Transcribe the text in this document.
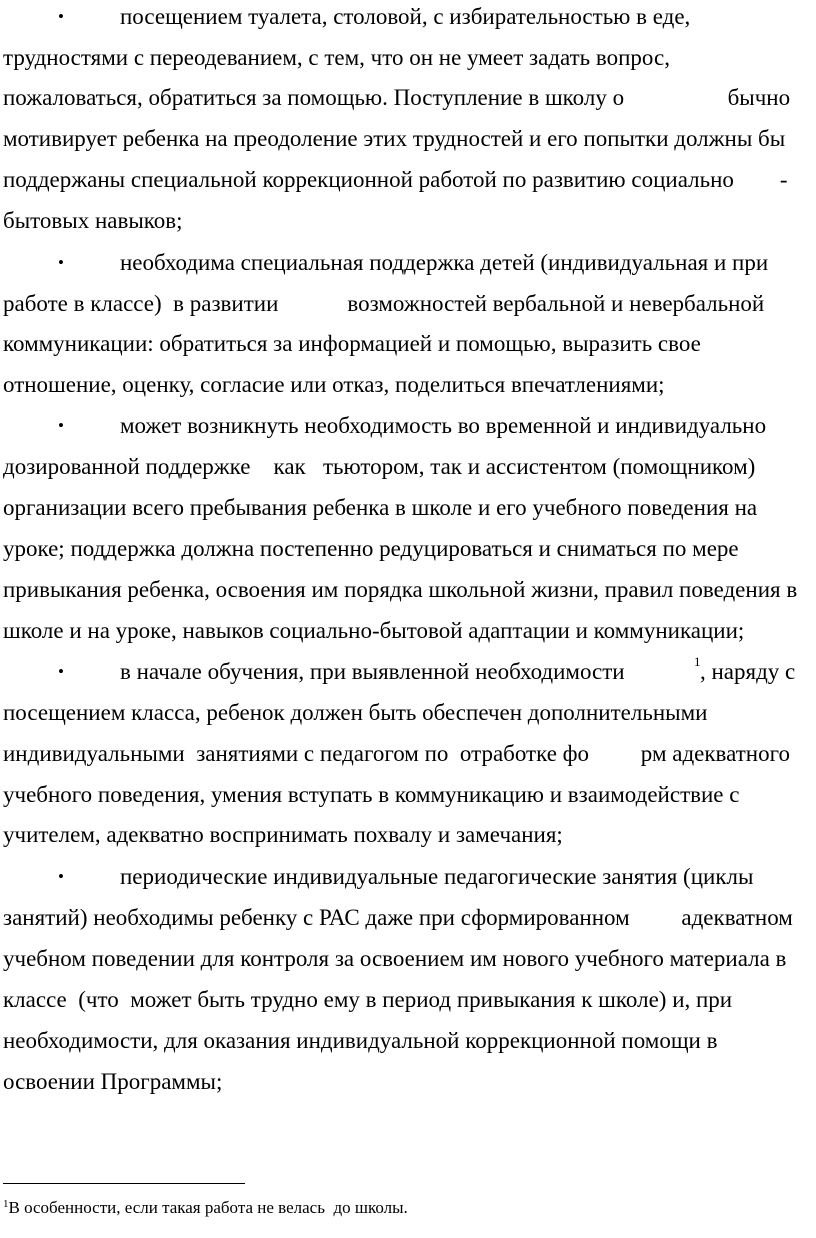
• посещением туалета, столовой, с избирательностью в еде,
трудностями с переодеванием, с тем, что он не умеет задать вопрос,
пожаловаться, обратиться за помощью. Поступление в школу о                  бычно
мотивирует ребенка на преодоление этих трудностей и его попытки должны бы
поддержаны специальной коррекционной работой по развитию социально        -
бытовых навыков;
• необходима специальная поддержка детей (индивидуальная и при
работе в классе)  в развитии            возможностей вербальной и невербальной
коммуникации: обратиться за информацией и помощью, выразить свое
отношение, оценку, согласие или отказ, поделиться впечатлениями;
• может возникнуть необходимость во временной и индивидуально
дозированной поддержке    как   тьютором, так и ассистентом (помощником)
организации всего пребывания ребенка в школе и его учебного поведения на
уроке; поддержка должна постепенно редуцироваться и сниматься по мере
привыкания ребенка, освоения им порядка школьной жизни, правил поведения в
школе и на уроке, навыков социально-бытовой адаптации и коммуникации;
• в начале обучения, при выявленной необходимости	1 , наряду с
посещением класса, ребенок должен быть обеспечен дополнительными
индивидуальными  занятиями с педагогом по  отработке фо         рм адекватного
учебного поведения, умения вступать в коммуникацию и взаимодействие с
учителем, адекватно воспринимать похвалу и замечания;
• периодические индивидуальные педагогические занятия (циклы
занятий) необходимы ребенку с РАС даже при сформированном         адекватном
учебном поведении для контроля за освоением им нового учебного материала в
классе  (что  может быть трудно ему в период привыкания к школе) и, при
необходимости, для оказания индивидуальной коррекционной помощи в
освоении Программы;
$^1$В особенности, если такая работа не велась  до школы.
